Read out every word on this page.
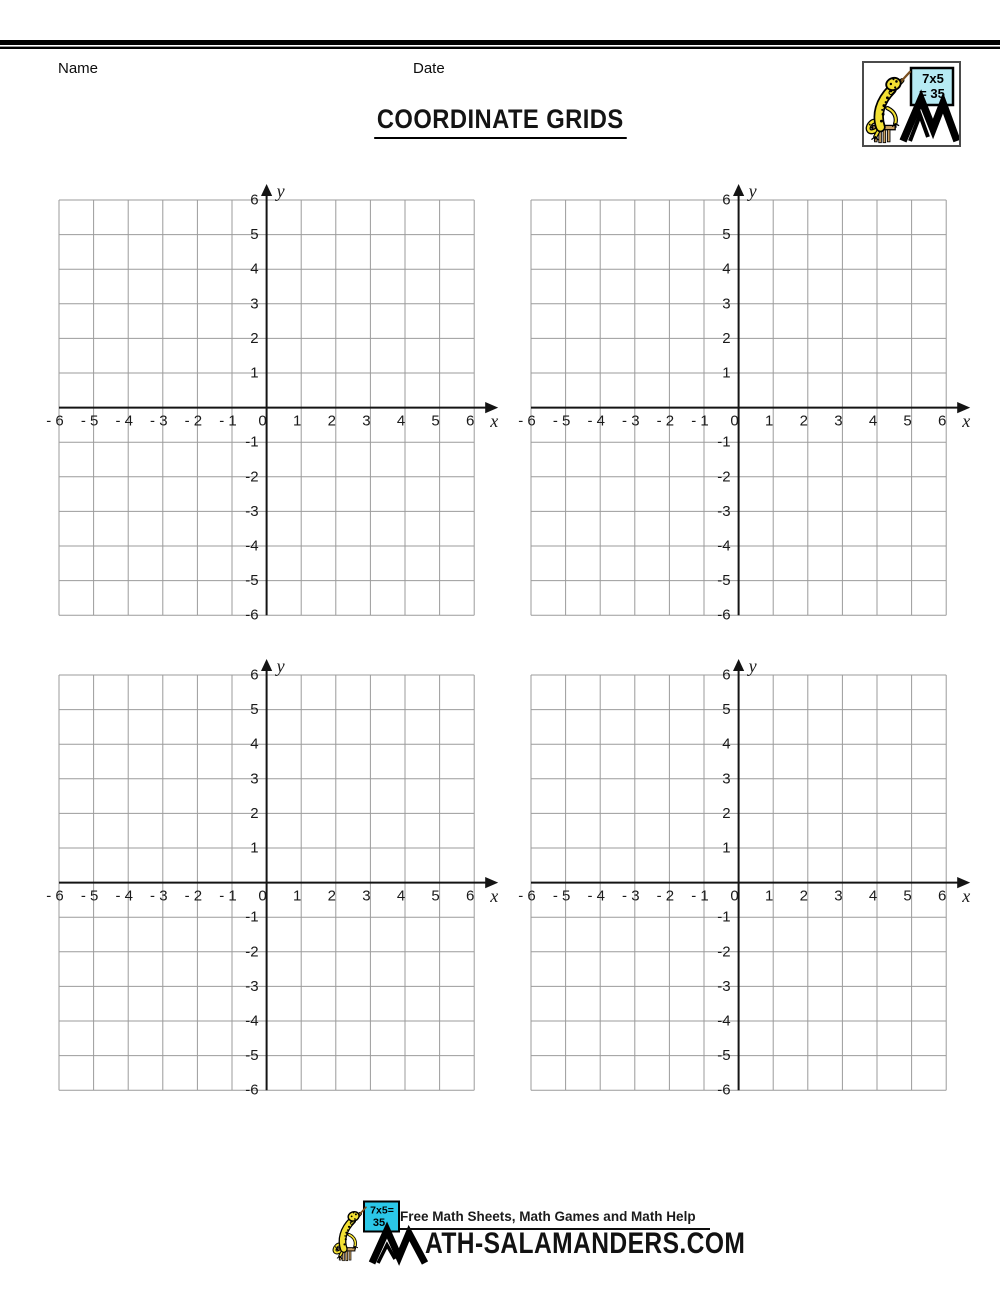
Name	Date
COORDINATE GRIDS
7x5
= 35
- 6 - 5 - 4 - 3 - 2 - 1 0 1 2 3 4 5 6
6
5
4
3
2
1
-1
-2
-3
-4
-5
-6
x
y
- 6 - 5 - 4 - 3 - 2 - 1 0 1 2 3 4 5 6
6
5
4
3
2
1
-1
-2
-3
-4
-5
-6
x
y
- 6 - 5 - 4 - 3 - 2 - 1 0 1 2 3 4 5 6
6
5
4
3
2
1
-1
-2
-3
-4
-5
-6
x
y
- 6 - 5 - 4 - 3 - 2 - 1 0 1 2 3 4 5 6
6
5
4
3
2
1
-1
-2
-3
-4
-5
-6
x
y
7x5=
35 Free Math Sheets, Math Games and Math Help
ATH-SALAMANDERS.COM
